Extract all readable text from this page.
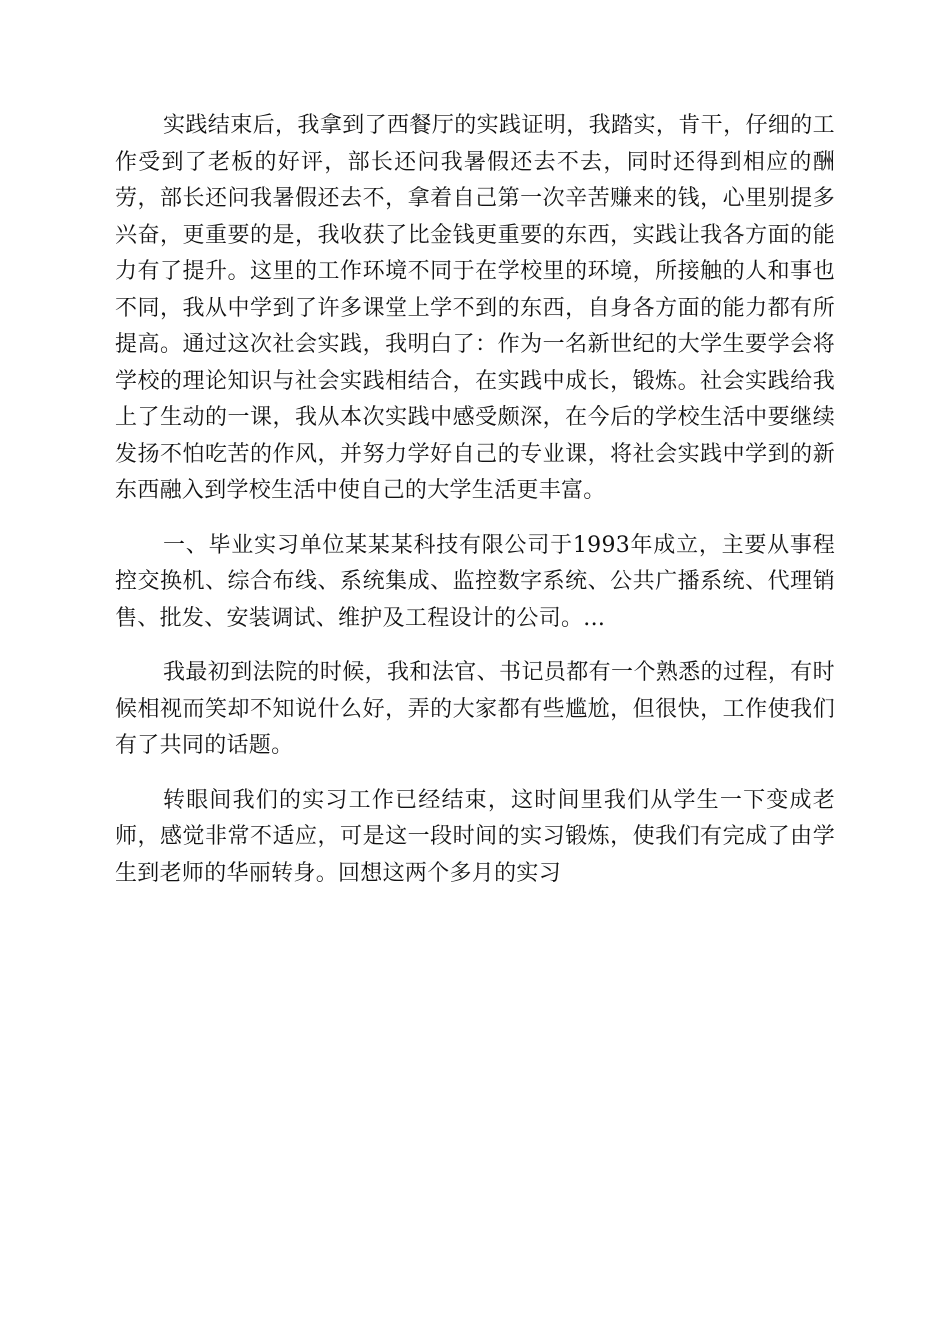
实践结束后，我拿到了西餐厅的实践证明，我踏实，肯干，仔细的工作受到了老板的好评，部长还问我暑假还去不去，同时还得到相应的酬劳，部长还问我暑假还去不，拿着自己第一次辛苦赚来的钱，心里别提多兴奋，更重要的是，我收获了比金钱更重要的东西，实践让我各方面的能力有了提升。这里的工作环境不同于在学校里的环境，所接触的人和事也不同，我从中学到了许多课堂上学不到的东西，自身各方面的能力都有所提高。通过这次社会实践，我明白了：作为一名新世纪的大学生要学会将学校的理论知识与社会实践相结合，在实践中成长，锻炼。社会实践给我上了生动的一课，我从本次实践中感受颇深，在今后的学校生活中要继续发扬不怕吃苦的作风，并努力学好自己的专业课，将社会实践中学到的新东西融入到学校生活中使自己的大学生活更丰富。

一、毕业实习单位某某某科技有限公司于1993年成立，主要从事程控交换机、综合布线、系统集成、监控数字系统、公共广播系统、代理销售、批发、安装调试、维护及工程设计的公司。...

我最初到法院的时候，我和法官、书记员都有一个熟悉的过程，有时候相视而笑却不知说什么好，弄的大家都有些尴尬，但很快，工作使我们有了共同的话题。

转眼间我们的实习工作已经结束，这时间里我们从学生一下变成老师，感觉非常不适应，可是这一段时间的实习锻炼，使我们有完成了由学生到老师的华丽转身。回想这两个多月的实习
